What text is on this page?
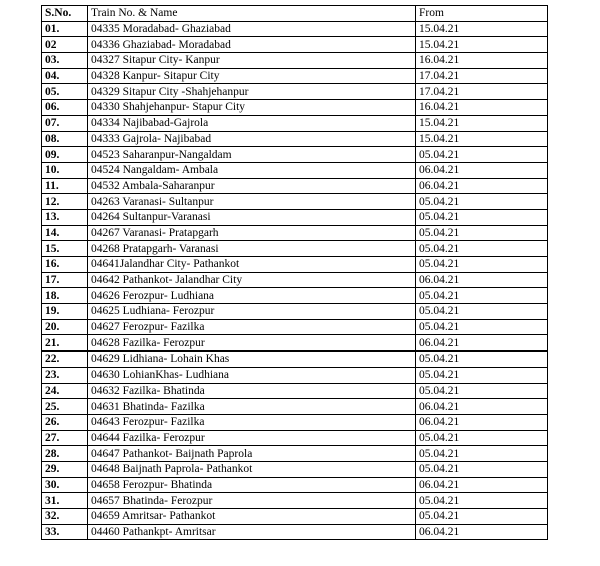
S.No.	Train No. & Name	From
01.	04335 Moradabad- Ghaziabad	15.04.21
02	04336 Ghaziabad- Moradabad	15.04.21
03.	04327 Sitapur City- Kanpur	16.04.21
04.	04328 Kanpur- Sitapur City	17.04.21
05.	04329 Sitapur City -Shahjehanpur	17.04.21
06.	04330 Shahjehanpur- Stapur City	16.04.21
07.	04334 Najibabad-Gajrola	15.04.21
08.	04333 Gajrola- Najibabad	15.04.21
09.	04523 Saharanpur-Nangaldam	05.04.21
10.	04524 Nangaldam- Ambala	06.04.21
11.	04532 Ambala-Saharanpur	06.04.21
12.	04263 Varanasi- Sultanpur	05.04.21
13.	04264 Sultanpur-Varanasi	05.04.21
14.	04267 Varanasi- Pratapgarh	05.04.21
15.	04268 Pratapgarh- Varanasi	05.04.21
16.	04641Jalandhar City- Pathankot	05.04.21
17.	04642 Pathankot- Jalandhar City	06.04.21
18.	04626 Ferozpur- Ludhiana	05.04.21
19.	04625 Ludhiana- Ferozpur	05.04.21
20.	04627 Ferozpur- Fazilka	05.04.21
21.	04628 Fazilka- Ferozpur	06.04.21
22.	04629 Lidhiana- Lohain Khas	05.04.21
23.	04630 LohianKhas- Ludhiana	05.04.21
24.	04632 Fazilka- Bhatinda	05.04.21
25.	04631 Bhatinda- Fazilka	06.04.21
26.	04643 Ferozpur- Fazilka	06.04.21
27.	04644 Fazilka- Ferozpur	05.04.21
28.	04647 Pathankot- Baijnath Paprola	05.04.21
29.	04648 Baijnath Paprola- Pathankot	05.04.21
30.	04658 Ferozpur- Bhatinda	06.04.21
31.	04657 Bhatinda- Ferozpur	05.04.21
32.	04659 Amritsar- Pathankot	05.04.21
33.	04460 Pathankpt- Amritsar	06.04.21
